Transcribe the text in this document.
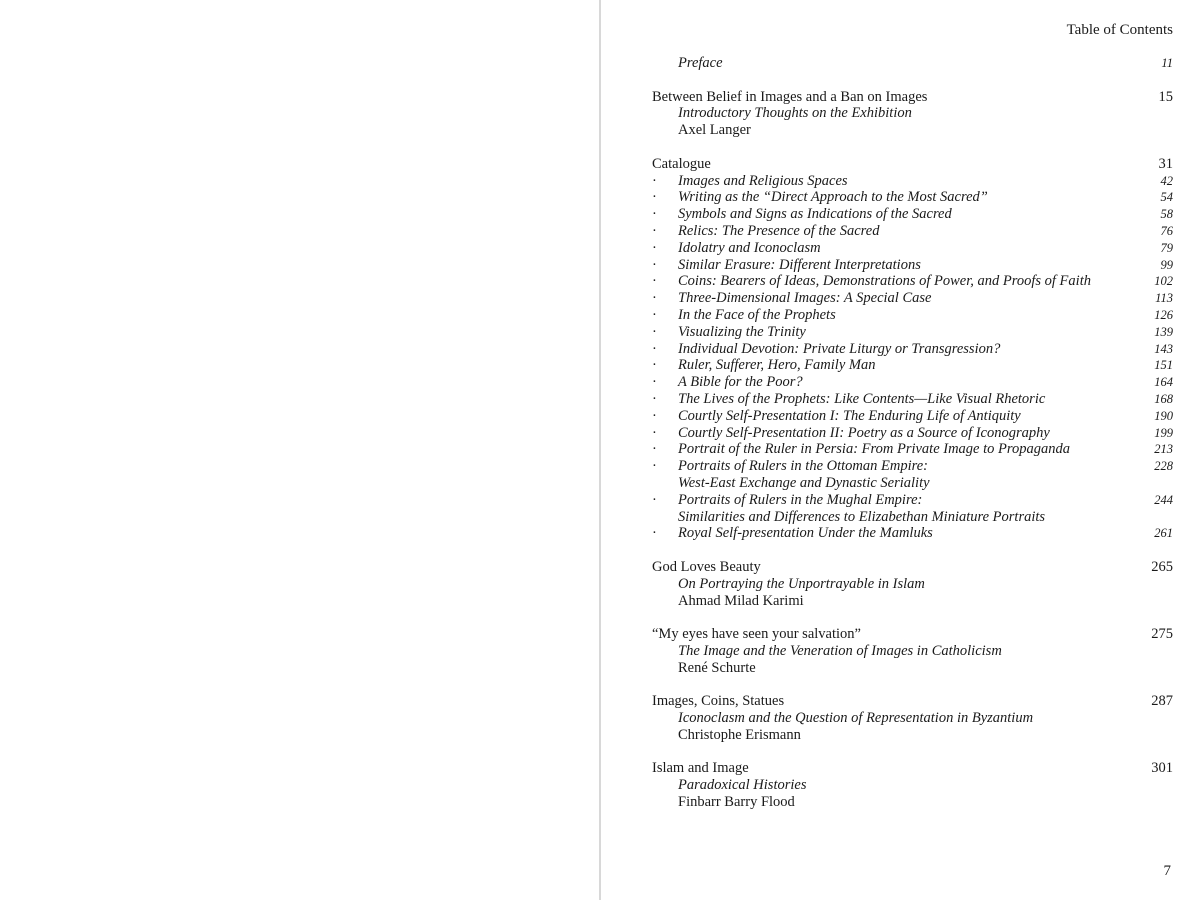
Table of Contents
Preface	11
Between Belief in Images and a Ban on Images	15
Introductory Thoughts on the Exhibition
Axel Langer
Catalogue	31
· Images and Religious Spaces	42
· Writing as the “Direct Approach to the Most Sacred”	54
· Symbols and Signs as Indications of the Sacred	58
· Relics: The Presence of the Sacred	76
· Idolatry and Iconoclasm	79
· Similar Erasure: Different Interpretations	99
· Coins: Bearers of Ideas, Demonstrations of Power, and Proofs of Faith	102
· Three-Dimensional Images: A Special Case	113
· In the Face of the Prophets	126
· Visualizing the Trinity	139
· Individual Devotion: Private Liturgy or Transgression?	143
· Ruler, Sufferer, Hero, Family Man	151
· A Bible for the Poor?	164
· The Lives of the Prophets: Like Contents—Like Visual Rhetoric	168
· Courtly Self-Presentation I: The Enduring Life of Antiquity	190
· Courtly Self-Presentation II: Poetry as a Source of Iconography	199
· Portrait of the Ruler in Persia: From Private Image to Propaganda	213
· Portraits of Rulers in the Ottoman Empire:	228
West-East Exchange and Dynastic Seriality
· Portraits of Rulers in the Mughal Empire:	244
Similarities and Differences to Elizabethan Miniature Portraits
· Royal Self-presentation Under the Mamluks	261
God Loves Beauty	265
On Portraying the Unportrayable in Islam
Ahmad Milad Karimi
“My eyes have seen your salvation”	275
The Image and the Veneration of Images in Catholicism
René Schurte
Images, Coins, Statues	287
Iconoclasm and the Question of Representation in Byzantium
Christophe Erismann
Islam and Image	301
Paradoxical Histories
Finbarr Barry Flood
7
